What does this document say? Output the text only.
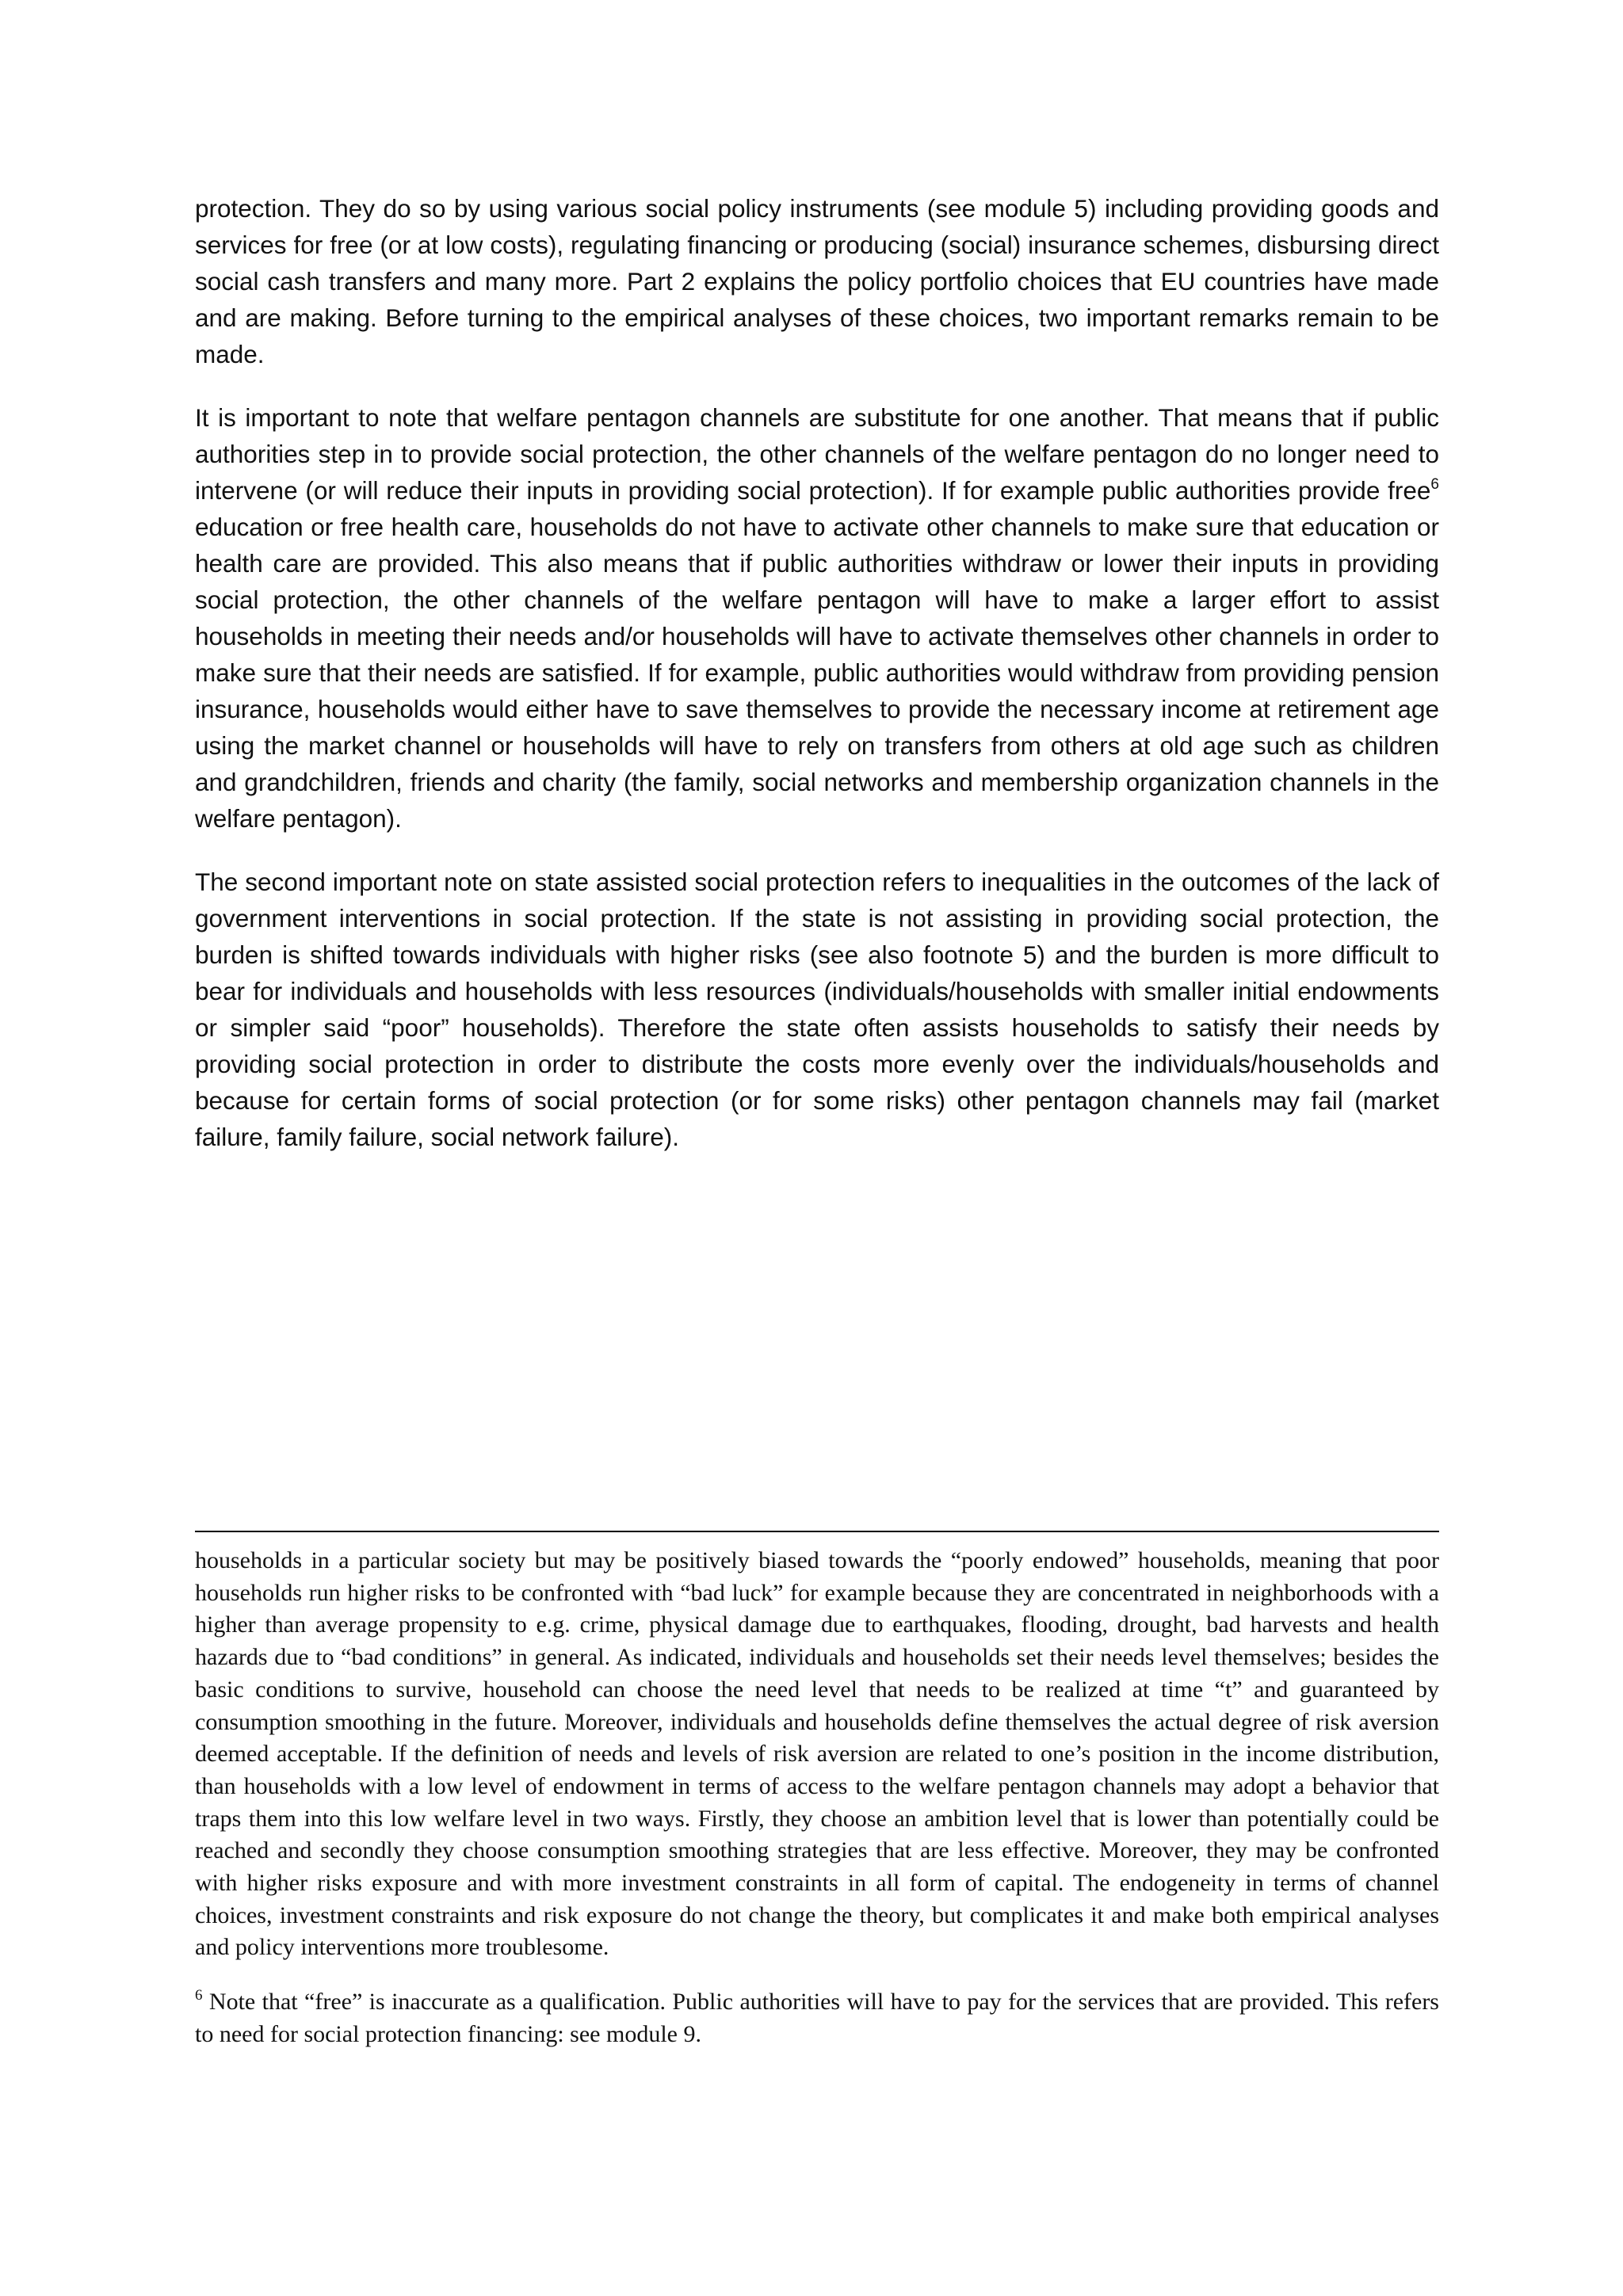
protection. They do so by using various social policy instruments (see module 5) including providing goods and services for free (or at low costs), regulating financing or producing (social) insurance schemes, disbursing direct social cash transfers and many more. Part 2 explains the policy portfolio choices that EU countries have made and are making. Before turning to the empirical analyses of these choices, two important remarks remain to be made.

It is important to note that welfare pentagon channels are substitute for one another. That means that if public authorities step in to provide social protection, the other channels of the welfare pentagon do no longer need to intervene (or will reduce their inputs in providing social protection). If for example public authorities provide free$^6$ education or free health care, households do not have to activate other channels to make sure that education or health care are provided. This also means that if public authorities withdraw or lower their inputs in providing social protection, the other channels of the welfare pentagon will have to make a larger effort to assist households in meeting their needs and/or households will have to activate themselves other channels in order to make sure that their needs are satisfied. If for example, public authorities would withdraw from providing pension insurance, households would either have to save themselves to provide the necessary income at retirement age using the market channel or households will have to rely on transfers from others at old age such as children and grandchildren, friends and charity (the family, social networks and membership organization channels in the welfare pentagon).

The second important note on state assisted social protection refers to inequalities in the outcomes of the lack of government interventions in social protection. If the state is not assisting in providing social protection, the burden is shifted towards individuals with higher risks (see also footnote 5) and the burden is more difficult to bear for individuals and households with less resources (individuals/households with smaller initial endowments or simpler said “poor” households). Therefore the state often assists households to satisfy their needs by providing social protection in order to distribute the costs more evenly over the individuals/households and because for certain forms of social protection (or for some risks) other pentagon channels may fail (market failure, family failure, social network failure).

households in a particular society but may be positively biased towards the “poorly endowed” households, meaning that poor households run higher risks to be confronted with “bad luck” for example because they are concentrated in neighborhoods with a higher than average propensity to e.g. crime, physical damage due to earthquakes, flooding, drought, bad harvests and health hazards due to “bad conditions” in general. As indicated, individuals and households set their needs level themselves; besides the basic conditions to survive, household can choose the need level that needs to be realized at time “t” and guaranteed by consumption smoothing in the future. Moreover, individuals and households define themselves the actual degree of risk aversion deemed acceptable. If the definition of needs and levels of risk aversion are related to one’s position in the income distribution, than households with a low level of endowment in terms of access to the welfare pentagon channels may adopt a behavior that traps them into this low welfare level in two ways. Firstly, they choose an ambition level that is lower than potentially could be reached and secondly they choose consumption smoothing strategies that are less effective. Moreover, they may be confronted with higher risks exposure and with more investment constraints in all form of capital. The endogeneity in terms of channel choices, investment constraints and risk exposure do not change the theory, but complicates it and make both empirical analyses and policy interventions more troublesome.

$^6$ Note that “free” is inaccurate as a qualification. Public authorities will have to pay for the services that are provided. This refers to need for social protection financing: see module 9.
